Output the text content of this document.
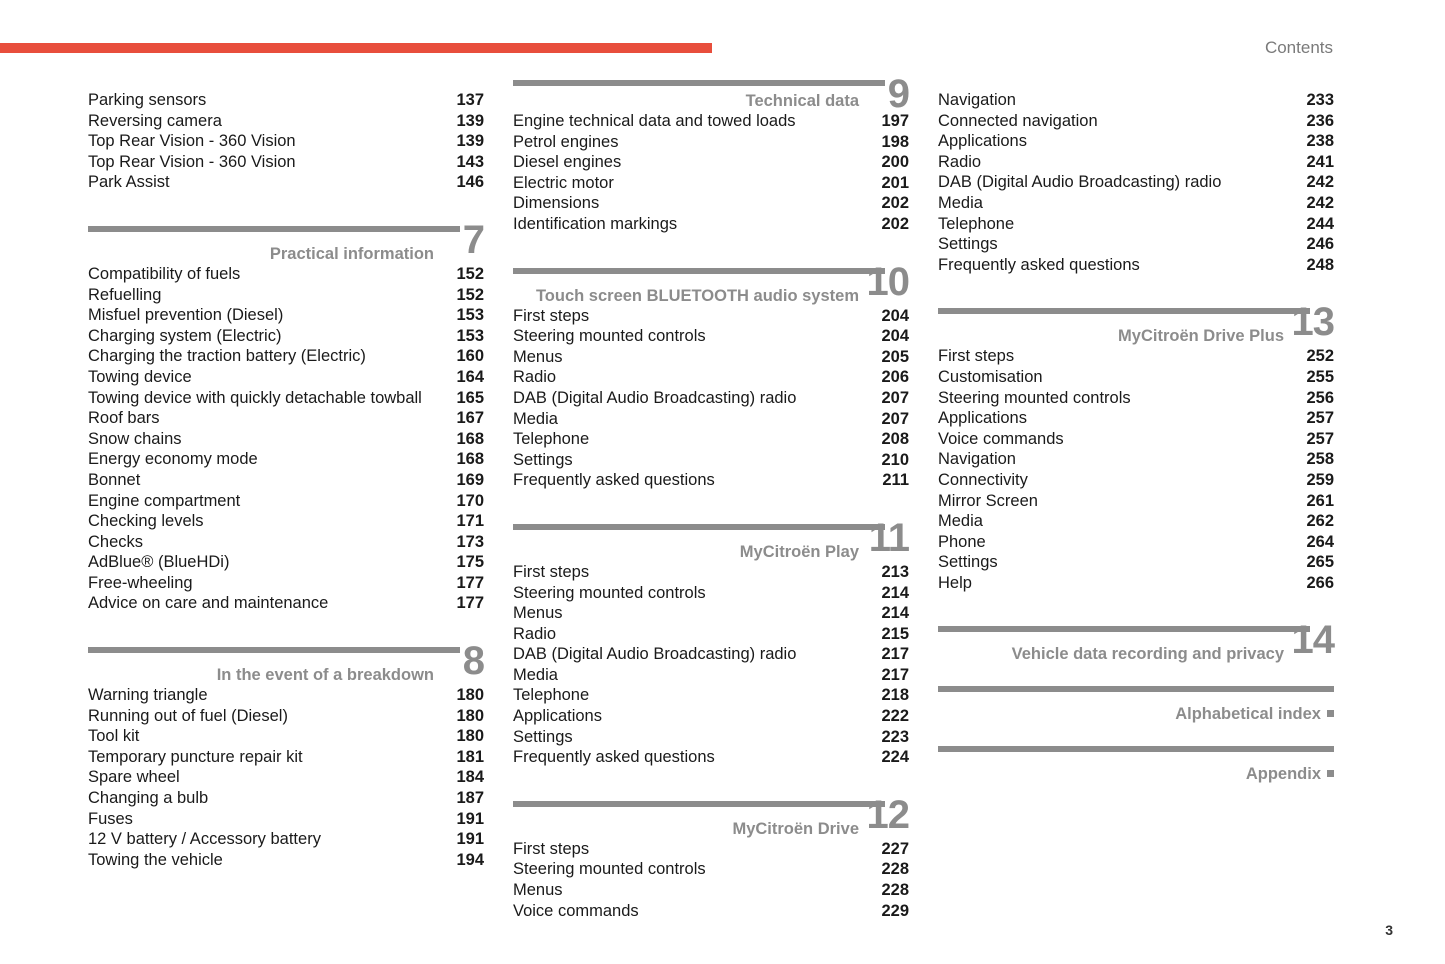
Contents
Parking sensors	137
Reversing camera	139
Top Rear Vision - 360 Vision	139
Top Rear Vision - 360 Vision	143
Park Assist	146
Practical information 7
Compatibility of fuels	152
Refuelling	152
Misfuel prevention (Diesel)	153
Charging system (Electric)	153
Charging the traction battery (Electric)	160
Towing device	164
Towing device with quickly detachable towball 165
Roof bars	167
Snow chains	168
Energy economy mode	168
Bonnet	169
Engine compartment	170
Checking levels	171
Checks	173
AdBlue® (BlueHDi)	175
Free-wheeling	177
Advice on care and maintenance	177
In the event of a breakdown 8
Warning triangle	180
Running out of fuel (Diesel)	180
Tool kit	180
Temporary puncture repair kit	181
Spare wheel	184
Changing a bulb	187
Fuses	191
12 V battery / Accessory battery	191
Towing the vehicle	194
Technical data 9
Engine technical data and towed loads	197
Petrol engines	198
Diesel engines	200
Electric motor	201
Dimensions	202
Identification markings	202
Touch screen BLUETOOTH audio system 10
First steps	204
Steering mounted controls	204
Menus	205
Radio	206
DAB (Digital Audio Broadcasting) radio	207
Media	207
Telephone	208
Settings	210
Frequently asked questions	211
MyCitroën Play 11
First steps	213
Steering mounted controls	214
Menus	214
Radio	215
DAB (Digital Audio Broadcasting) radio	217
Media	217
Telephone	218
Applications	222
Settings	223
Frequently asked questions	224
MyCitroën Drive 12
First steps	227
Steering mounted controls	228
Menus	228
Voice commands	229
Navigation	233
Connected navigation	236
Applications	238
Radio	241
DAB (Digital Audio Broadcasting) radio	242
Media	242
Telephone	244
Settings	246
Frequently asked questions	248
MyCitroën Drive Plus 13
First steps	252
Customisation	255
Steering mounted controls	256
Applications	257
Voice commands	257
Navigation	258
Connectivity	259
Mirror Screen	261
Media	262
Phone	264
Settings	265
Help	266
Vehicle data recording and privacy 14
Alphabetical index
Appendix
3
